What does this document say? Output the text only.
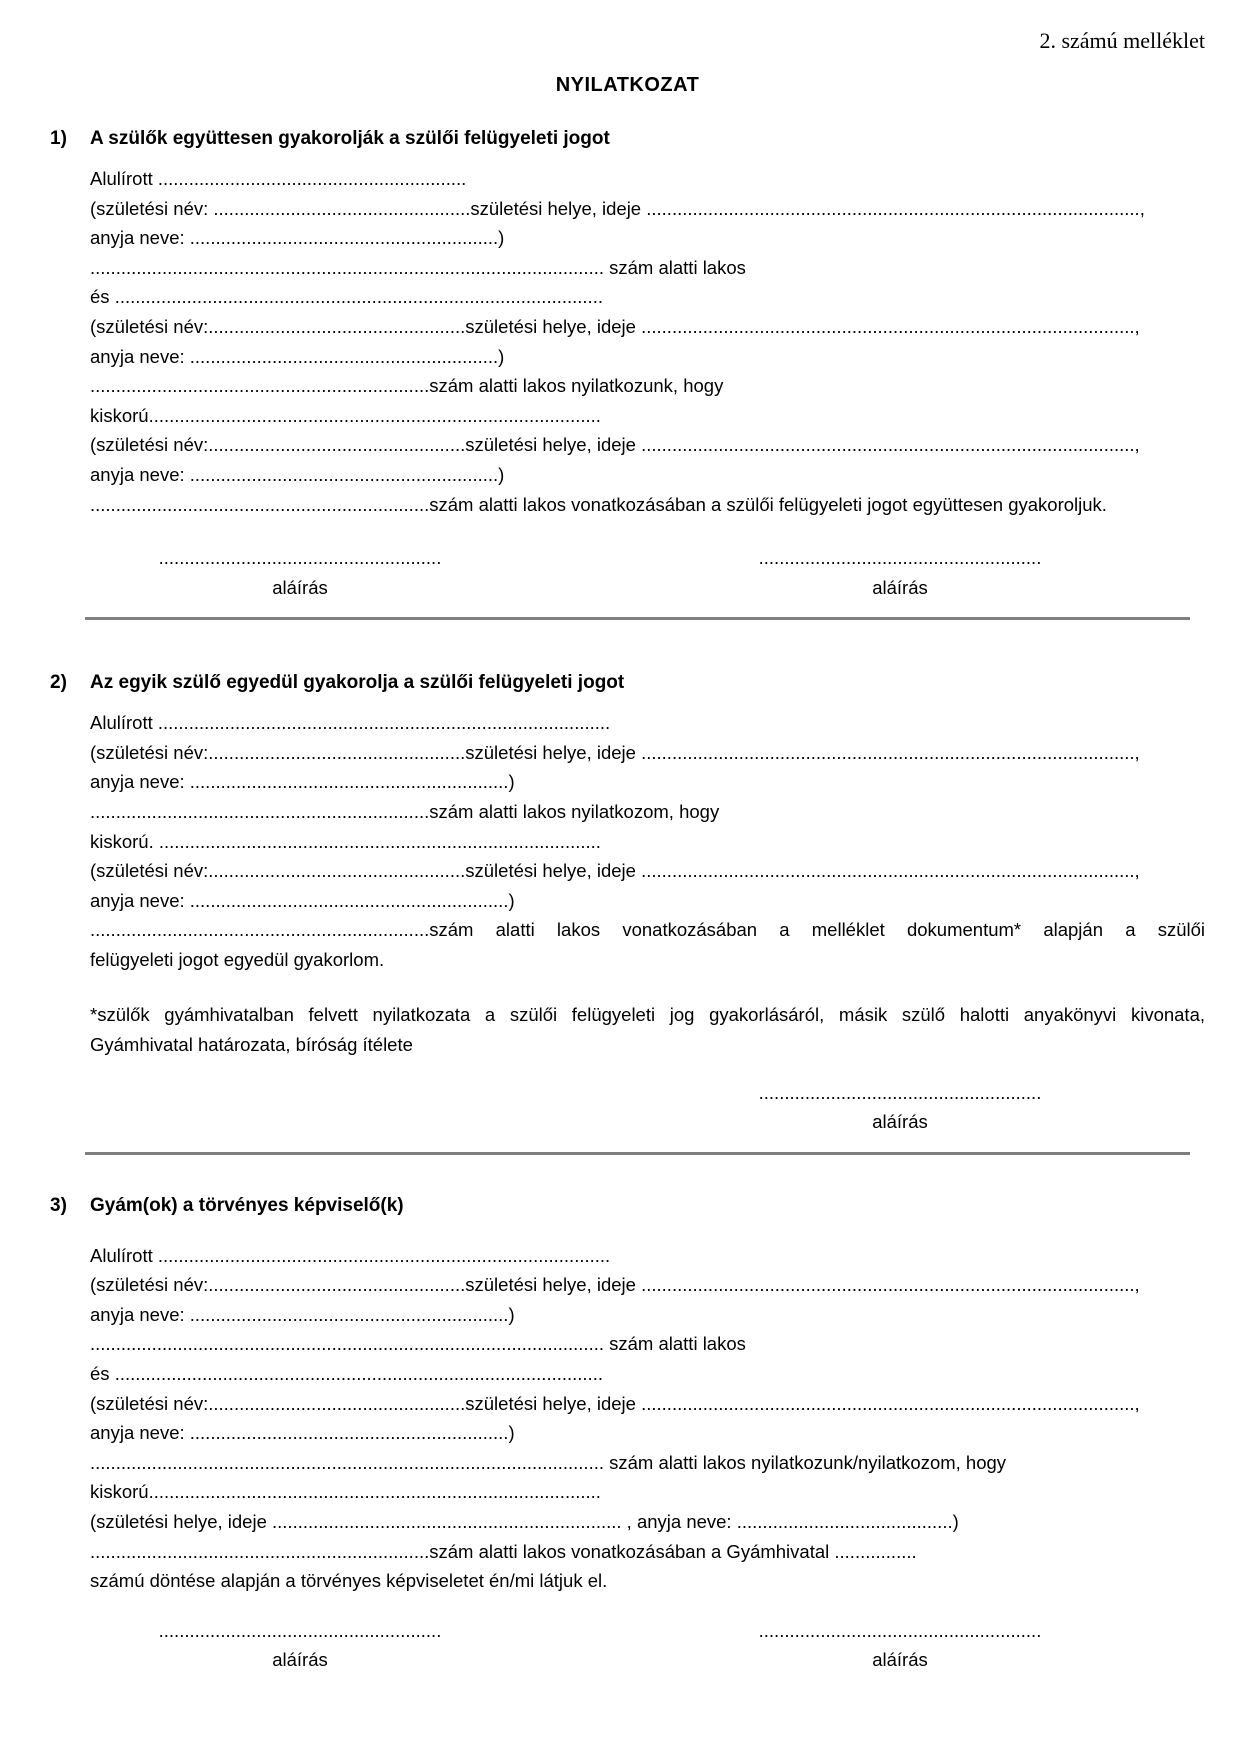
2. számú melléklet
NYILATKOZAT
1)	A szülők együttesen gyakorolják a szülői felügyeleti jogot
Alulírott ............................................................
(születési név: ..................................................születési helye, ideje ................................................................................................,
anyja neve: ............................................................)
.................................................................................................... szám alatti lakos
és ...............................................................................................
(születési név:..................................................születési helye, ideje ................................................................................................,
anyja neve: ............................................................)
..................................................................szám alatti lakos nyilatkozunk, hogy
kiskorú........................................................................................
(születési név:..................................................születési helye, ideje ................................................................................................,
anyja neve: ............................................................)
..................................................................szám alatti lakos vonatkozásában a szülői felügyeleti jogot együttesen gyakoroljuk.
.......................................................
aláírás
.......................................................
aláírás
2)	Az egyik szülő egyedül gyakorolja a szülői felügyeleti jogot
Alulírott ........................................................................................
(születési név:..................................................születési helye, ideje ................................................................................................,
anyja neve: ..............................................................)
..................................................................szám alatti lakos nyilatkozom, hogy
kiskorú. ......................................................................................
(születési név:..................................................születési helye, ideje ................................................................................................,
anyja neve: ..............................................................)
..................................................................szám alatti lakos vonatkozásában a melléklet dokumentum* alapján a szülői
felügyeleti jogot egyedül gyakorlom.
*szülők gyámhivatalban felvett nyilatkozata a szülői felügyeleti jog gyakorlásáról, másik szülő halotti anyakönyvi kivonata,
Gyámhivatal határozata, bíróság ítélete
.......................................................
aláírás
3)	Gyám(ok) a törvényes képviselő(k)
Alulírott ........................................................................................
(születési név:..................................................születési helye, ideje ................................................................................................,
anyja neve: ..............................................................)
.................................................................................................... szám alatti lakos
és ...............................................................................................
(születési név:..................................................születési helye, ideje ................................................................................................,
anyja neve: ..............................................................)
.................................................................................................... szám alatti lakos nyilatkozunk/nyilatkozom, hogy
kiskorú........................................................................................
(születési helye, ideje .................................................................... , anyja neve: ..........................................)
..................................................................szám alatti lakos vonatkozásában a Gyámhivatal ................
számú döntése alapján a törvényes képviseletet én/mi látjuk el.
.......................................................
aláírás
.......................................................
aláírás
